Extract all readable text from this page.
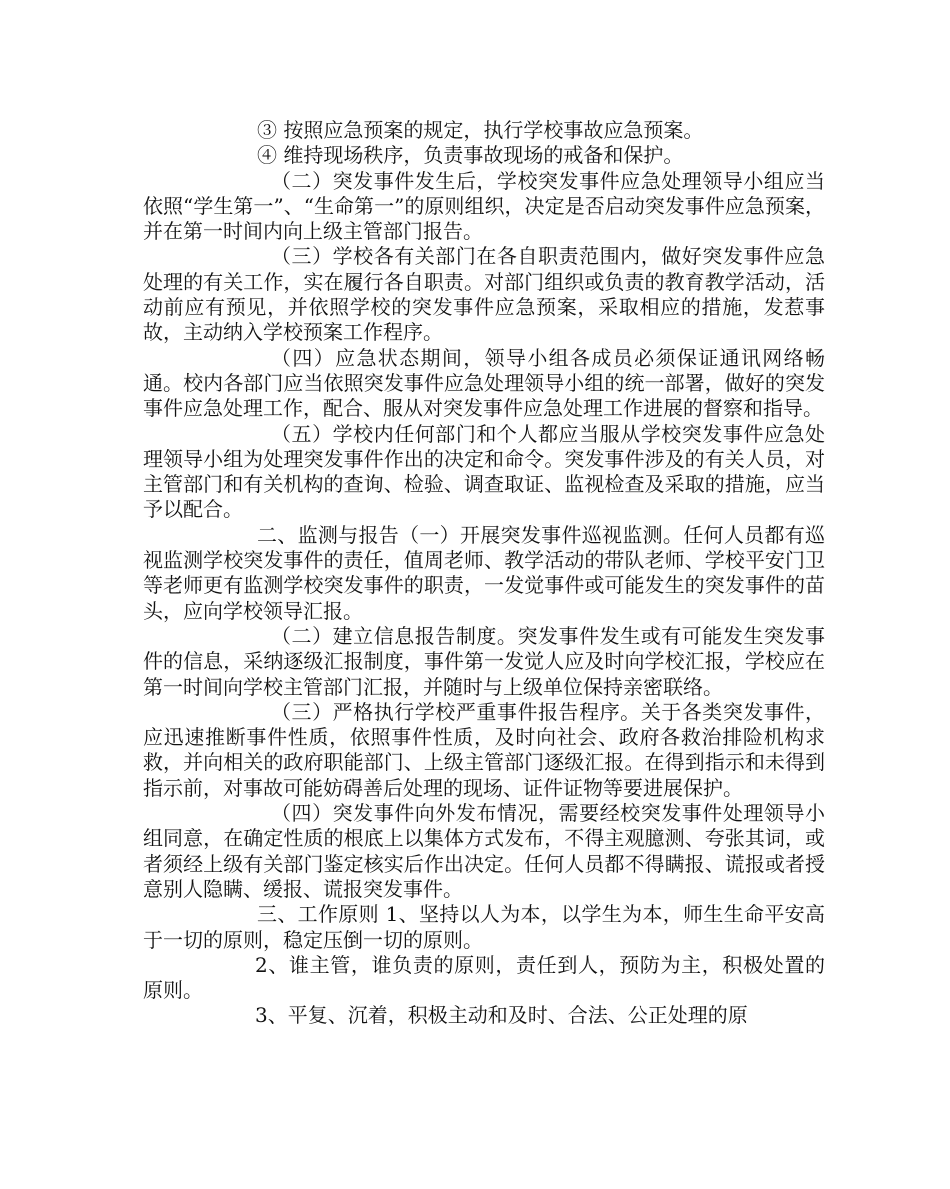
③ 按照应急预案的规定，执行学校事故应急预案。

④ 维持现场秩序，负责事故现场的戒备和保护。

（二）突发事件发生后，学校突发事件应急处理领导小组应当依照“学生第一”、“生命第一”的原则组织，决定是否启动突发事件应急预案，并在第一时间内向上级主管部门报告。

（三）学校各有关部门在各自职责范围内，做好突发事件应急处理的有关工作，实在履行各自职责。对部门组织或负责的教育教学活动，活动前应有预见，并依照学校的突发事件应急预案，采取相应的措施，发惹事故，主动纳入学校预案工作程序。

（四）应急状态期间，领导小组各成员必须保证通讯网络畅通。校内各部门应当依照突发事件应急处理领导小组的统一部署，做好的突发事件应急处理工作，配合、服从对突发事件应急处理工作进展的督察和指导。

（五）学校内任何部门和个人都应当服从学校突发事件应急处理领导小组为处理突发事件作出的决定和命令。突发事件涉及的有关人员，对主管部门和有关机构的查询、检验、调查取证、监视检查及采取的措施，应当予以配合。

二、监测与报告（一）开展突发事件巡视监测。任何人员都有巡视监测学校突发事件的责任，值周老师、教学活动的带队老师、学校平安门卫等老师更有监测学校突发事件的职责，一发觉事件或可能发生的突发事件的苗头，应向学校领导汇报。

（二）建立信息报告制度。突发事件发生或有可能发生突发事件的信息，采纳逐级汇报制度，事件第一发觉人应及时向学校汇报，学校应在第一时间向学校主管部门汇报，并随时与上级单位保持亲密联络。

（三）严格执行学校严重事件报告程序。关于各类突发事件，应迅速推断事件性质，依照事件性质，及时向社会、政府各救治排险机构求救，并向相关的政府职能部门、上级主管部门逐级汇报。在得到指示和未得到指示前，对事故可能妨碍善后处理的现场、证件证物等要进展保护。

（四）突发事件向外发布情况，需要经校突发事件处理领导小组同意，在确定性质的根底上以集体方式发布，不得主观臆测、夸张其词，或者须经上级有关部门鉴定核实后作出决定。任何人员都不得瞒报、谎报或者授意别人隐瞒、缓报、谎报突发事件。

三、工作原则 1、坚持以人为本，以学生为本，师生生命平安高于一切的原则，稳定压倒一切的原则。

2、谁主管，谁负责的原则，责任到人，预防为主，积极处置的原则。

3、平复、沉着，积极主动和及时、合法、公正处理的原
